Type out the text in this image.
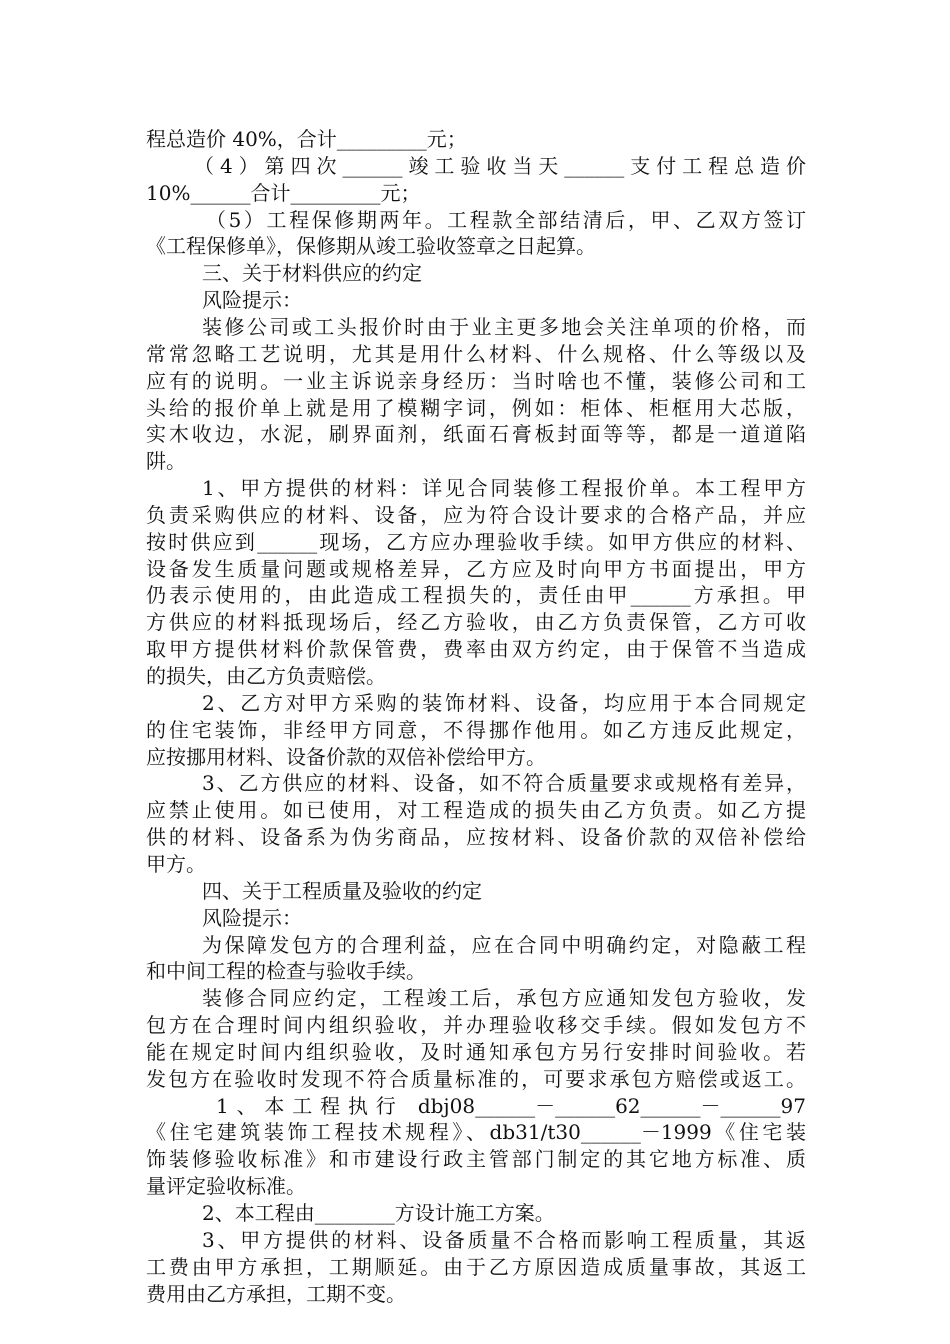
程总造价 40%，合计_________元；
（4）第四次______竣工验收当天______支付工程总造价
10%______合计_________元；
（5）工程保修期两年。工程款全部结清后，甲、乙双方签订
《工程保修单》，保修期从竣工验收签章之日起算。
三、关于材料供应的约定
风险提示：
装修公司或工头报价时由于业主更多地会关注单项的价格，而
常常忽略工艺说明，尤其是用什么材料、什么规格、什么等级以及
应有的说明。一业主诉说亲身经历：当时啥也不懂，装修公司和工
头给的报价单上就是用了模糊字词，例如：柜体、柜框用大芯版，
实木收边，水泥，刷界面剂，纸面石膏板封面等等，都是一道道陷
阱。
1、甲方提供的材料：详见合同装修工程报价单。本工程甲方
负责采购供应的材料、设备，应为符合设计要求的合格产品，并应
按时供应到______现场，乙方应办理验收手续。如甲方供应的材料、
设备发生质量问题或规格差异，乙方应及时向甲方书面提出，甲方
仍表示使用的，由此造成工程损失的，责任由甲______方承担。甲
方供应的材料抵现场后，经乙方验收，由乙方负责保管，乙方可收
取甲方提供材料价款保管费，费率由双方约定，由于保管不当造成
的损失，由乙方负责赔偿。
2、乙方对甲方采购的装饰材料、设备，均应用于本合同规定
的住宅装饰，非经甲方同意，不得挪作他用。如乙方违反此规定，
应按挪用材料、设备价款的双倍补偿给甲方。
3、乙方供应的材料、设备，如不符合质量要求或规格有差异，
应禁止使用。如已使用，对工程造成的损失由乙方负责。如乙方提
供的材料、设备系为伪劣商品，应按材料、设备价款的双倍补偿给
甲方。
四、关于工程质量及验收的约定
风险提示：
为保障发包方的合理利益，应在合同中明确约定，对隐蔽工程
和中间工程的检查与验收手续。
装修合同应约定，工程竣工后，承包方应通知发包方验收，发
包方在合理时间内组织验收，并办理验收移交手续。假如发包方不
能在规定时间内组织验收，及时通知承包方另行安排时间验收。若
发包方在验收时发现不符合质量标准的，可要求承包方赔偿或返工。
1、本工程执行 dbj08______－______62______－______97
《住宅建筑装饰工程技术规程》、db31/t30______－1999《住宅装
饰装修验收标准》和市建设行政主管部门制定的其它地方标准、质
量评定验收标准。
2、本工程由________方设计施工方案。
3、甲方提供的材料、设备质量不合格而影响工程质量，其返
工费由甲方承担，工期顺延。由于乙方原因造成质量事故，其返工
费用由乙方承担，工期不变。
